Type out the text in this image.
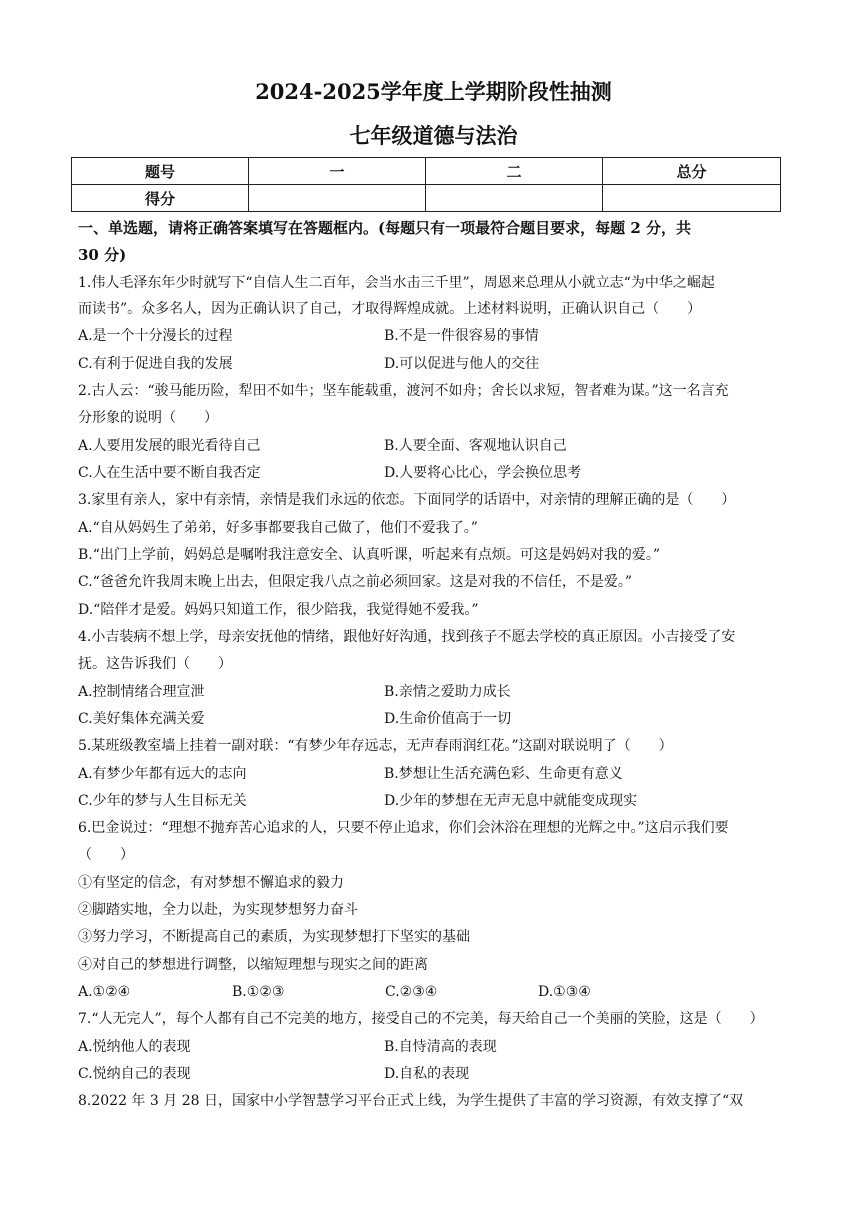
2024-2025学年度上学期阶段性抽测
七年级道德与法治
题号	一	二	总分
得分			
一、单选题，请将正确答案填写在答题框内。(每题只有一项最符合题目要求，每题 2 分，共
30 分)
1.伟人毛泽东年少时就写下“自信人生二百年，会当水击三千里”，周恩来总理从小就立志“为中华之崛起
而读书”。众多名人，因为正确认识了自己，才取得辉煌成就。上述材料说明，正确认识自己（　　）
A.是一个十分漫长的过程	B.不是一件很容易的事情
C.有利于促进自我的发展	D.可以促进与他人的交往
2.古人云：“骏马能历险，犁田不如牛；坚车能载重，渡河不如舟；舍长以求短，智者难为谋。”这一名言充
分形象的说明（　　）
A.人要用发展的眼光看待自己	B.人要全面、客观地认识自己
C.人在生活中要不断自我否定	D.人要将心比心，学会换位思考
3.家里有亲人，家中有亲情，亲情是我们永远的依恋。下面同学的话语中，对亲情的理解正确的是（　　）
A.“自从妈妈生了弟弟，好多事都要我自己做了，他们不爱我了。”
B.“出门上学前，妈妈总是嘱咐我注意安全、认真听课，听起来有点烦。可这是妈妈对我的爱。”
C.“爸爸允许我周末晚上出去，但限定我八点之前必须回家。这是对我的不信任，不是爱。”
D.“陪伴才是爱。妈妈只知道工作，很少陪我，我觉得她不爱我。”
4.小吉装病不想上学，母亲安抚他的情绪，跟他好好沟通，找到孩子不愿去学校的真正原因。小吉接受了安
抚。这告诉我们（　　）
A.控制情绪合理宣泄	B.亲情之爱助力成长
C.美好集体充满关爱	D.生命价值高于一切
5.某班级教室墙上挂着一副对联：“有梦少年存远志，无声春雨润红花。”这副对联说明了（　　）
A.有梦少年都有远大的志向	B.梦想让生活充满色彩、生命更有意义
C.少年的梦与人生目标无关	D.少年的梦想在无声无息中就能变成现实
6.巴金说过：“理想不抛弃苦心追求的人，只要不停止追求，你们会沐浴在理想的光辉之中。”这启示我们要
（　　）
①有坚定的信念，有对梦想不懈追求的毅力
②脚踏实地，全力以赴，为实现梦想努力奋斗
③努力学习，不断提高自己的素质，为实现梦想打下坚实的基础
④对自己的梦想进行调整，以缩短理想与现实之间的距离
A.①②④	B.①②③	C.②③④	D.①③④
7.“人无完人”，每个人都有自己不完美的地方，接受自己的不完美，每天给自己一个美丽的笑脸，这是（　　）
A.悦纳他人的表现	B.自恃清高的表现
C.悦纳自己的表现	D.自私的表现
8.2022 年 3 月 28 日，国家中小学智慧学习平台正式上线，为学生提供了丰富的学习资源，有效支撑了“双
